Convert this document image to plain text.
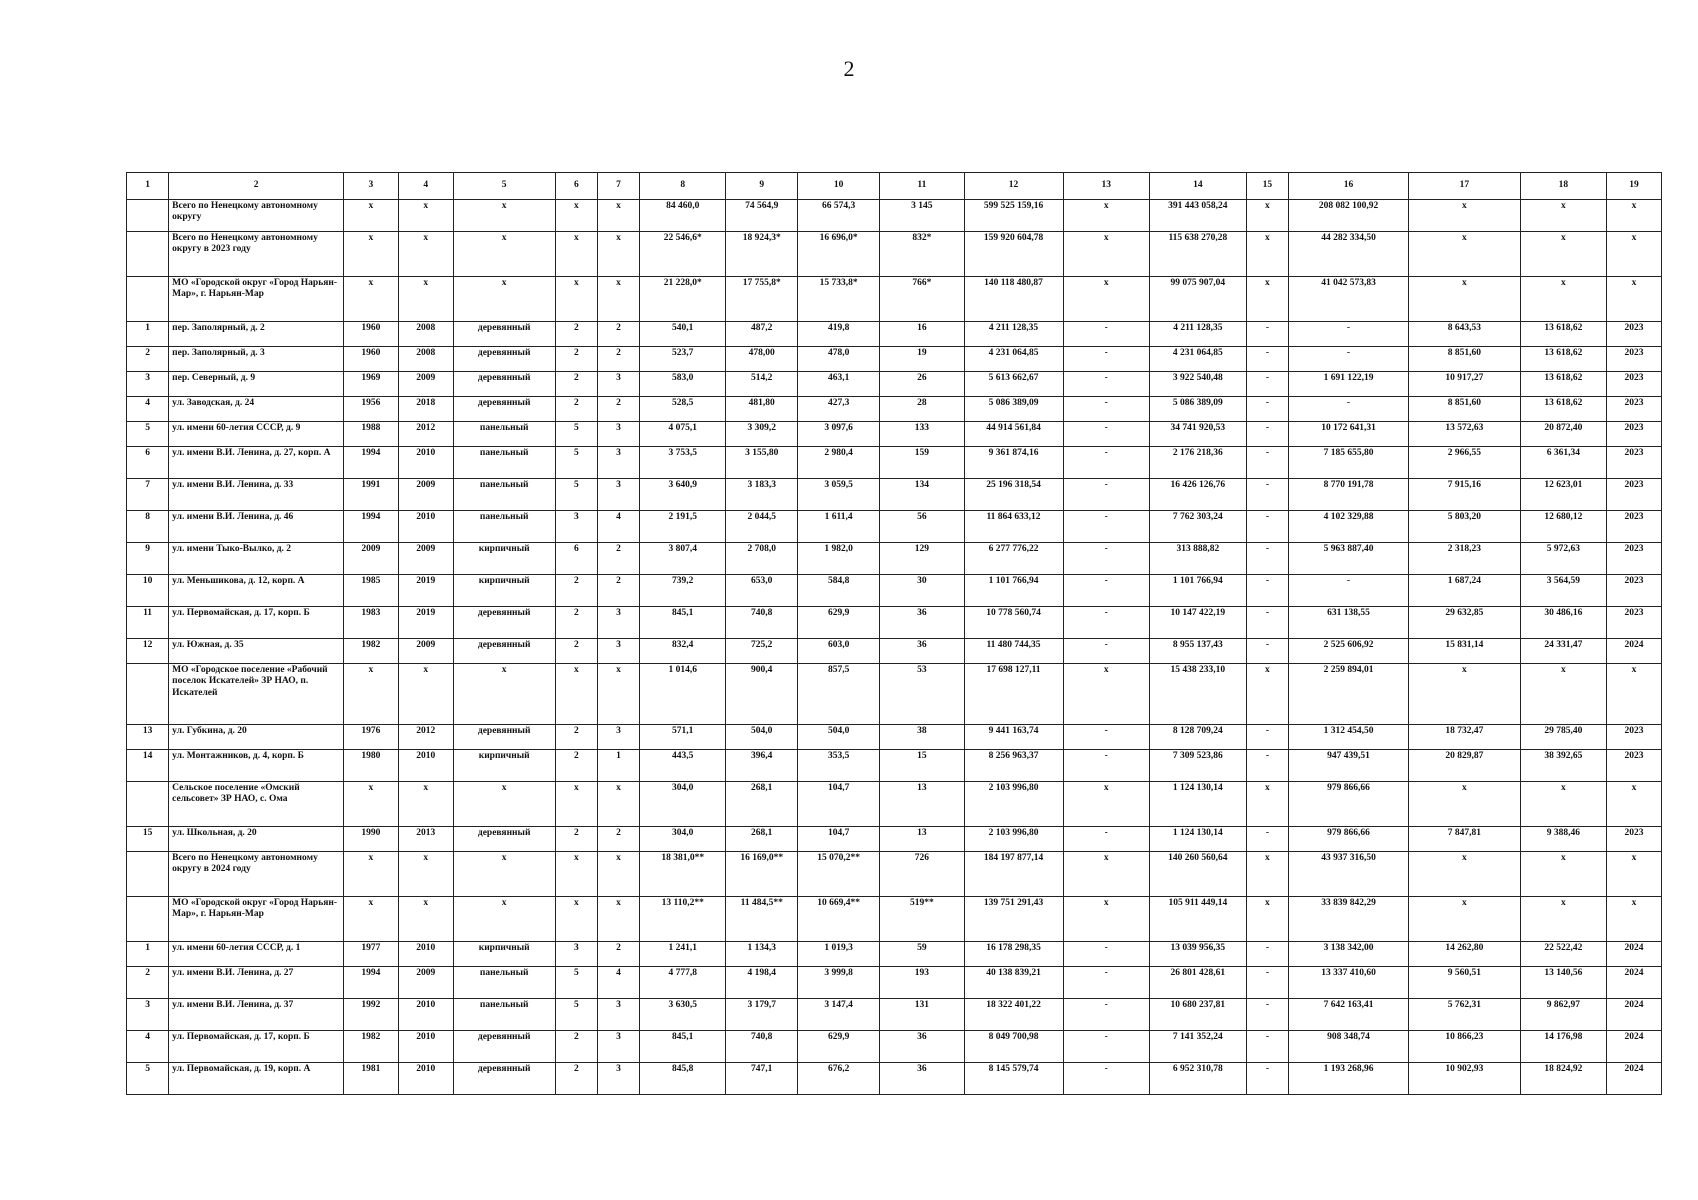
2
1	2	3	4	5	6	7	8	9	10	11	12	13	14	15	16	17	18	19
	Всего по Ненецкому автономному округу	х	х	х	х	х	84 460,0	74 564,9	66 574,3	3 145	599 525 159,16	х	391 443 058,24	х	208 082 100,92	х	х	х
	Всего по Ненецкому автономному округу в 2023 году	х	х	х	х	х	22 546,6*	18 924,3*	16 696,0*	832*	159 920 604,78	х	115 638 270,28	х	44 282 334,50	х	х	х
	МО «Городской округ «Город Нарьян-Мар», г. Нарьян-Мар	х	х	х	х	х	21 228,0*	17 755,8*	15 733,8*	766*	140 118 480,87	х	99 075 907,04	х	41 042 573,83	х	х	х
1	пер. Заполярный, д. 2	1960	2008	деревянный	2	2	540,1	487,2	419,8	16	4 211 128,35	-	4 211 128,35	-	-	8 643,53	13 618,62	2023
2	пер. Заполярный, д. 3	1960	2008	деревянный	2	2	523,7	478,00	478,0	19	4 231 064,85	-	4 231 064,85	-	-	8 851,60	13 618,62	2023
3	пер. Северный, д. 9	1969	2009	деревянный	2	3	583,0	514,2	463,1	26	5 613 662,67	-	3 922 540,48	-	1 691 122,19	10 917,27	13 618,62	2023
4	ул. Заводская, д. 24	1956	2018	деревянный	2	2	528,5	481,80	427,3	28	5 086 389,09	-	5 086 389,09	-	-	8 851,60	13 618,62	2023
5	ул. имени 60-летия СССР, д. 9	1988	2012	панельный	5	3	4 075,1	3 309,2	3 097,6	133	44 914 561,84	-	34 741 920,53	-	10 172 641,31	13 572,63	20 872,40	2023
6	ул. имени В.И. Ленина, д. 27, корп. А	1994	2010	панельный	5	3	3 753,5	3 155,80	2 980,4	159	9 361 874,16	-	2 176 218,36	-	7 185 655,80	2 966,55	6 361,34	2023
7	ул. имени В.И. Ленина, д. 33	1991	2009	панельный	5	3	3 640,9	3 183,3	3 059,5	134	25 196 318,54	-	16 426 126,76	-	8 770 191,78	7 915,16	12 623,01	2023
8	ул. имени В.И. Ленина, д. 46	1994	2010	панельный	3	4	2 191,5	2 044,5	1 611,4	56	11 864 633,12	-	7 762 303,24	-	4 102 329,88	5 803,20	12 680,12	2023
9	ул. имени Тыко-Вылко, д. 2	2009	2009	кирпичный	6	2	3 807,4	2 708,0	1 982,0	129	6 277 776,22	-	313 888,82	-	5 963 887,40	2 318,23	5 972,63	2023
10	ул. Меньшикова, д. 12, корп. А	1985	2019	кирпичный	2	2	739,2	653,0	584,8	30	1 101 766,94	-	1 101 766,94	-	-	1 687,24	3 564,59	2023
11	ул. Первомайская, д. 17, корп. Б	1983	2019	деревянный	2	3	845,1	740,8	629,9	36	10 778 560,74	-	10 147 422,19	-	631 138,55	29 632,85	30 486,16	2023
12	ул. Южная, д. 35	1982	2009	деревянный	2	3	832,4	725,2	603,0	36	11 480 744,35	-	8 955 137,43	-	2 525 606,92	15 831,14	24 331,47	2024
	МО «Городское поселение «Рабочий поселок Искателей» ЗР НАО, п. Искателей	х	х	х	х	х	1 014,6	900,4	857,5	53	17 698 127,11	х	15 438 233,10	х	2 259 894,01	х	х	х
13	ул. Губкина, д. 20	1976	2012	деревянный	2	3	571,1	504,0	504,0	38	9 441 163,74	-	8 128 709,24	-	1 312 454,50	18 732,47	29 785,40	2023
14	ул. Монтажников, д. 4, корп. Б	1980	2010	кирпичный	2	1	443,5	396,4	353,5	15	8 256 963,37	-	7 309 523,86	-	947 439,51	20 829,87	38 392,65	2023
	Сельское поселение «Омский сельсовет» ЗР НАО, с. Ома	х	х	х	х	х	304,0	268,1	104,7	13	2 103 996,80	х	1 124 130,14	х	979 866,66	х	х	х
15	ул. Школьная, д. 20	1990	2013	деревянный	2	2	304,0	268,1	104,7	13	2 103 996,80	-	1 124 130,14	-	979 866,66	7 847,81	9 388,46	2023
	Всего по Ненецкому автономному округу в 2024 году	х	х	х	х	х	18 381,0**	16 169,0**	15 070,2**	726	184 197 877,14	х	140 260 560,64	х	43 937 316,50	х	х	х
	МО «Городской округ «Город Нарьян-Мар», г. Нарьян-Мар	х	х	х	х	х	13 110,2**	11 484,5**	10 669,4**	519**	139 751 291,43	х	105 911 449,14	х	33 839 842,29	х	х	х
1	ул. имени 60-летия СССР, д. 1	1977	2010	кирпичный	3	2	1 241,1	1 134,3	1 019,3	59	16 178 298,35	-	13 039 956,35	-	3 138 342,00	14 262,80	22 522,42	2024
2	ул. имени В.И. Ленина, д. 27	1994	2009	панельный	5	4	4 777,8	4 198,4	3 999,8	193	40 138 839,21	-	26 801 428,61	-	13 337 410,60	9 560,51	13 140,56	2024
3	ул. имени В.И. Ленина, д. 37	1992	2010	панельный	5	3	3 630,5	3 179,7	3 147,4	131	18 322 401,22	-	10 680 237,81	-	7 642 163,41	5 762,31	9 862,97	2024
4	ул. Первомайская, д. 17, корп. Б	1982	2010	деревянный	2	3	845,1	740,8	629,9	36	8 049 700,98	-	7 141 352,24	-	908 348,74	10 866,23	14 176,98	2024
5	ул. Первомайская, д. 19, корп. А	1981	2010	деревянный	2	3	845,8	747,1	676,2	36	8 145 579,74	-	6 952 310,78	-	1 193 268,96	10 902,93	18 824,92	2024
